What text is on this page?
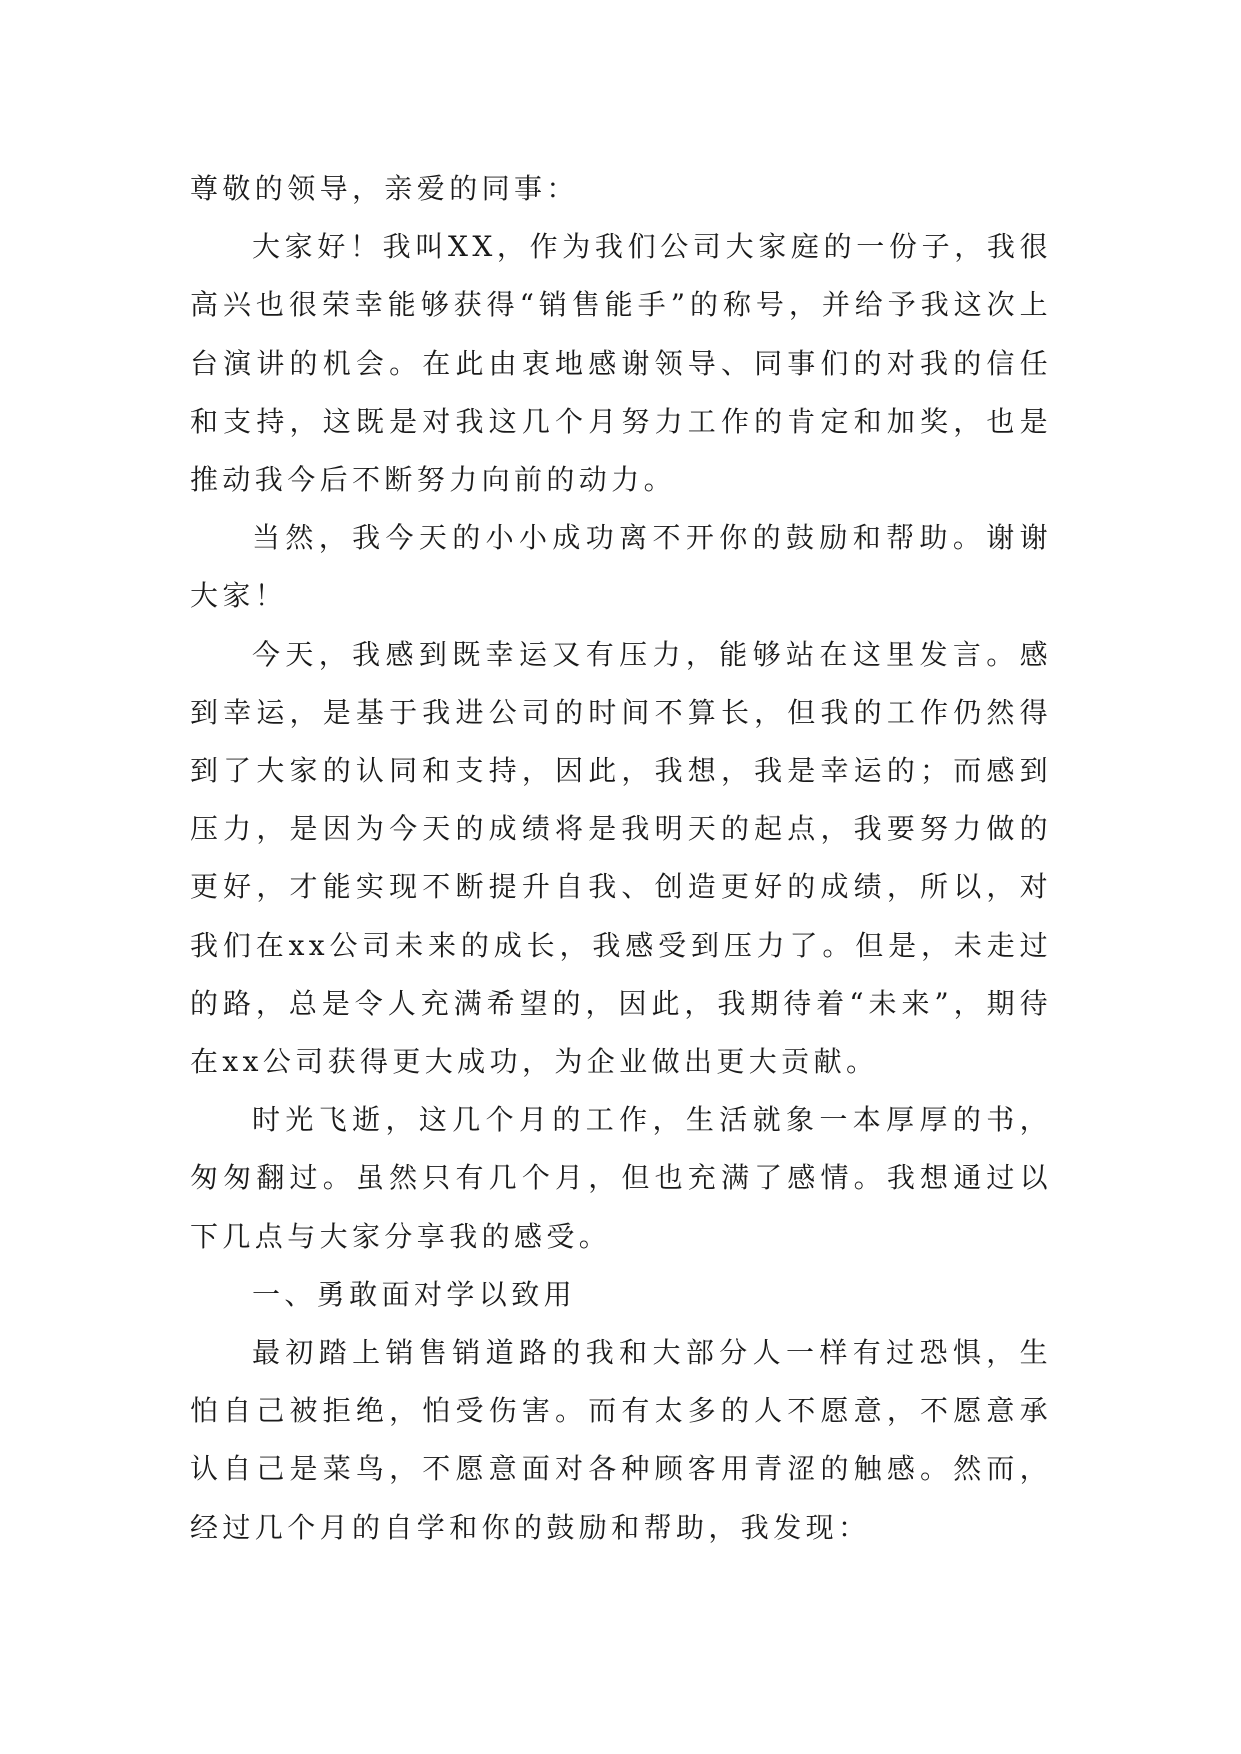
尊敬的领导，亲爱的同事：

大家好！我叫XX，作为我们公司大家庭的一份子，我很高兴也很荣幸能够获得“销售能手”的称号，并给予我这次上台演讲的机会。在此由衷地感谢领导、同事们的对我的信任和支持，这既是对我这几个月努力工作的肯定和加奖，也是推动我今后不断努力向前的动力。

当然，我今天的小小成功离不开你的鼓励和帮助。谢谢大家！

今天，我感到既幸运又有压力，能够站在这里发言。感到幸运，是基于我进公司的时间不算长，但我的工作仍然得到了大家的认同和支持，因此，我想，我是幸运的；而感到压力，是因为今天的成绩将是我明天的起点，我要努力做的更好，才能实现不断提升自我、创造更好的成绩，所以，对我们在xx公司未来的成长，我感受到压力了。但是，未走过的路，总是令人充满希望的，因此，我期待着“未来”，期待在xx公司获得更大成功，为企业做出更大贡献。

时光飞逝，这几个月的工作，生活就象一本厚厚的书，匆匆翻过。虽然只有几个月，但也充满了感情。我想通过以下几点与大家分享我的感受。

一、勇敢面对学以致用

最初踏上销售销道路的我和大部分人一样有过恐惧，生怕自己被拒绝，怕受伤害。而有太多的人不愿意，不愿意承认自己是菜鸟，不愿意面对各种顾客用青涩的触感。然而，经过几个月的自学和你的鼓励和帮助，我发现：
